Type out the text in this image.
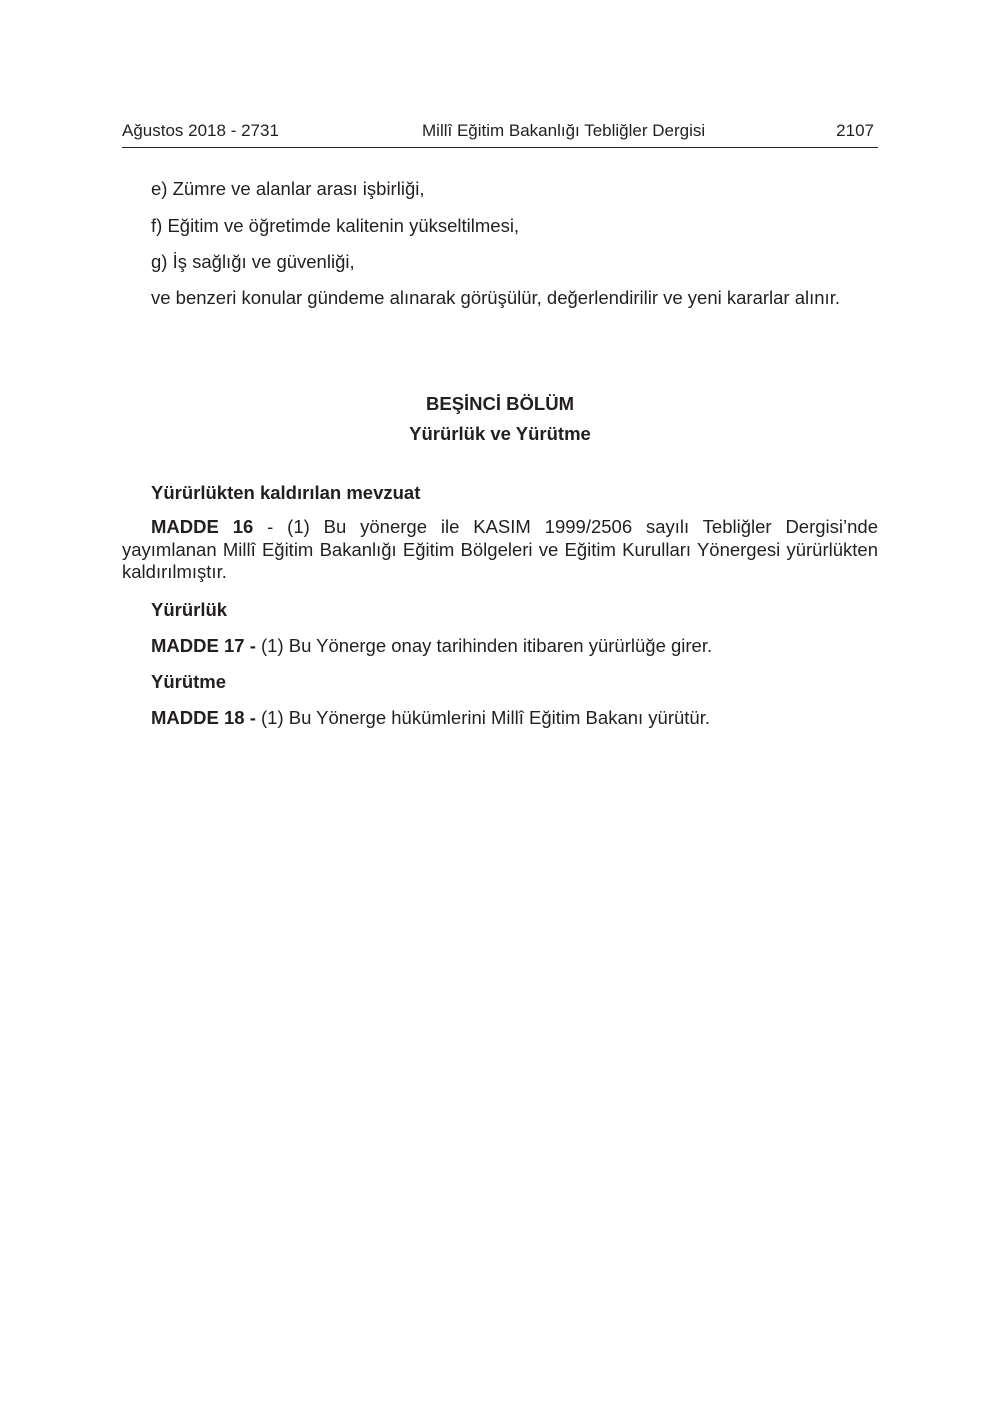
Ağustos 2018 - 2731	Millî Eğitim Bakanlığı Tebliğler Dergisi	2107
e) Zümre ve alanlar arası işbirliği,
f) Eğitim ve öğretimde kalitenin yükseltilmesi,
g) İş sağlığı ve güvenliği,
ve benzeri konular gündeme alınarak görüşülür, değerlendirilir ve yeni kararlar alınır.
BEŞİNCİ BÖLÜM
Yürürlük ve Yürütme
Yürürlükten kaldırılan mevzuat
MADDE 16 - (1) Bu yönerge ile KASIM 1999/2506 sayılı Tebliğler Dergisi’nde yayımlanan Millî Eğitim Bakanlığı Eğitim Bölgeleri ve Eğitim Kurulları Yönergesi yürürlükten kaldırılmıştır.
Yürürlük
MADDE 17 - (1) Bu Yönerge onay tarihinden itibaren yürürlüğe girer.
Yürütme
MADDE 18 - (1) Bu Yönerge hükümlerini Millî Eğitim Bakanı yürütür.
